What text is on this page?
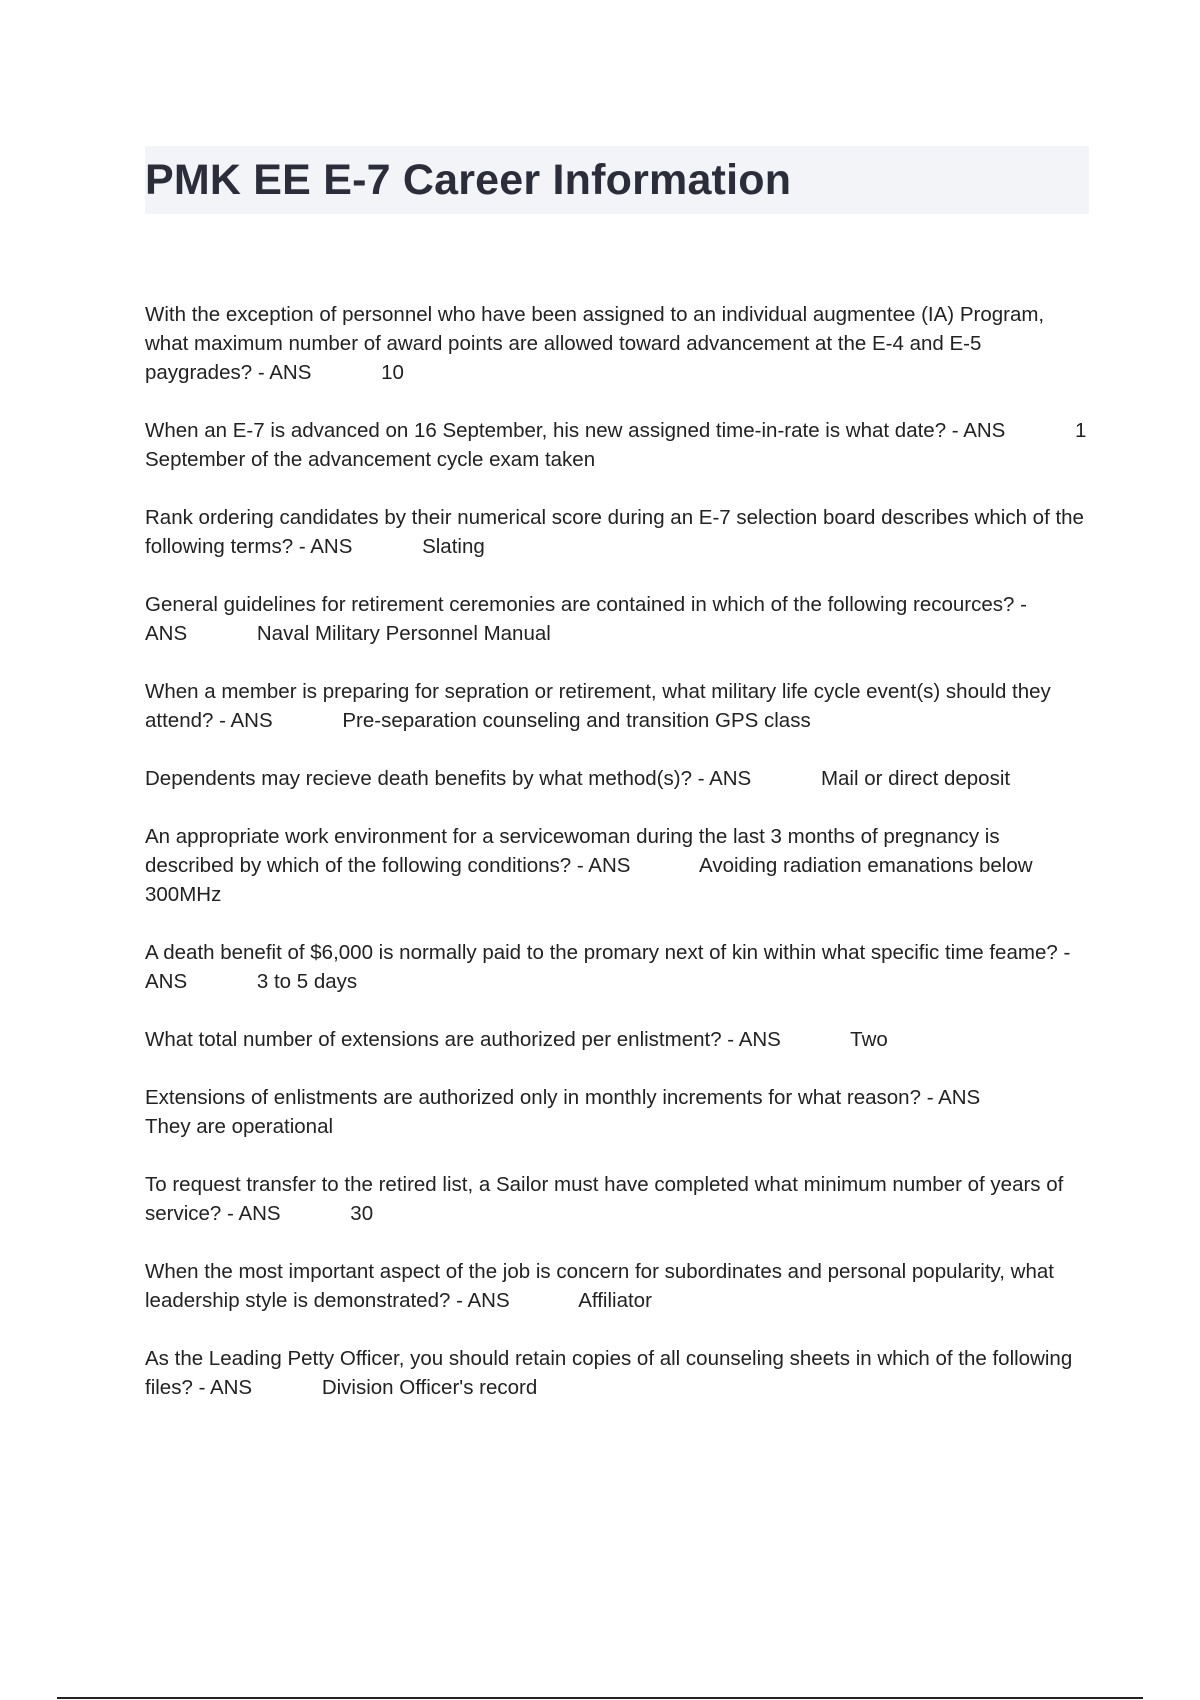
PMK EE E-7 Career Information
With the exception of personnel who have been assigned to an individual augmentee (IA) Program, what maximum number of award points are allowed toward advancement at the E-4 and E-5 paygrades? - ANS	10
When an E-7 is advanced on 16 September, his new assigned time-in-rate is what date? - ANS	1 September of the advancement cycle exam taken
Rank ordering candidates by their numerical score during an E-7 selection board describes which of the following terms? - ANS	Slating
General guidelines for retirement ceremonies are contained in which of the following recources? - ANS	Naval Military Personnel Manual
When a member is preparing for sepration or retirement, what military life cycle event(s) should they attend? - ANS	Pre-separation counseling and transition GPS class
Dependents may recieve death benefits by what method(s)? - ANS	Mail or direct deposit
An appropriate work environment for a servicewoman during the last 3 months of pregnancy is described by which of the following conditions? - ANS	Avoiding radiation emanations below 300MHz
A death benefit of $6,000 is normally paid to the promary next of kin within what specific time feame? - ANS	3 to 5 days
What total number of extensions are authorized per enlistment? - ANS	Two
Extensions of enlistments are authorized only in monthly increments for what reason? - ANS They are operational
To request transfer to the retired list, a Sailor must have completed what minimum number of years of service? - ANS	30
When the most important aspect of the job is concern for subordinates and personal popularity, what leadership style is demonstrated? - ANS	Affiliator
As the Leading Petty Officer, you should retain copies of all counseling sheets in which of the following files? - ANS	Division Officer's record
